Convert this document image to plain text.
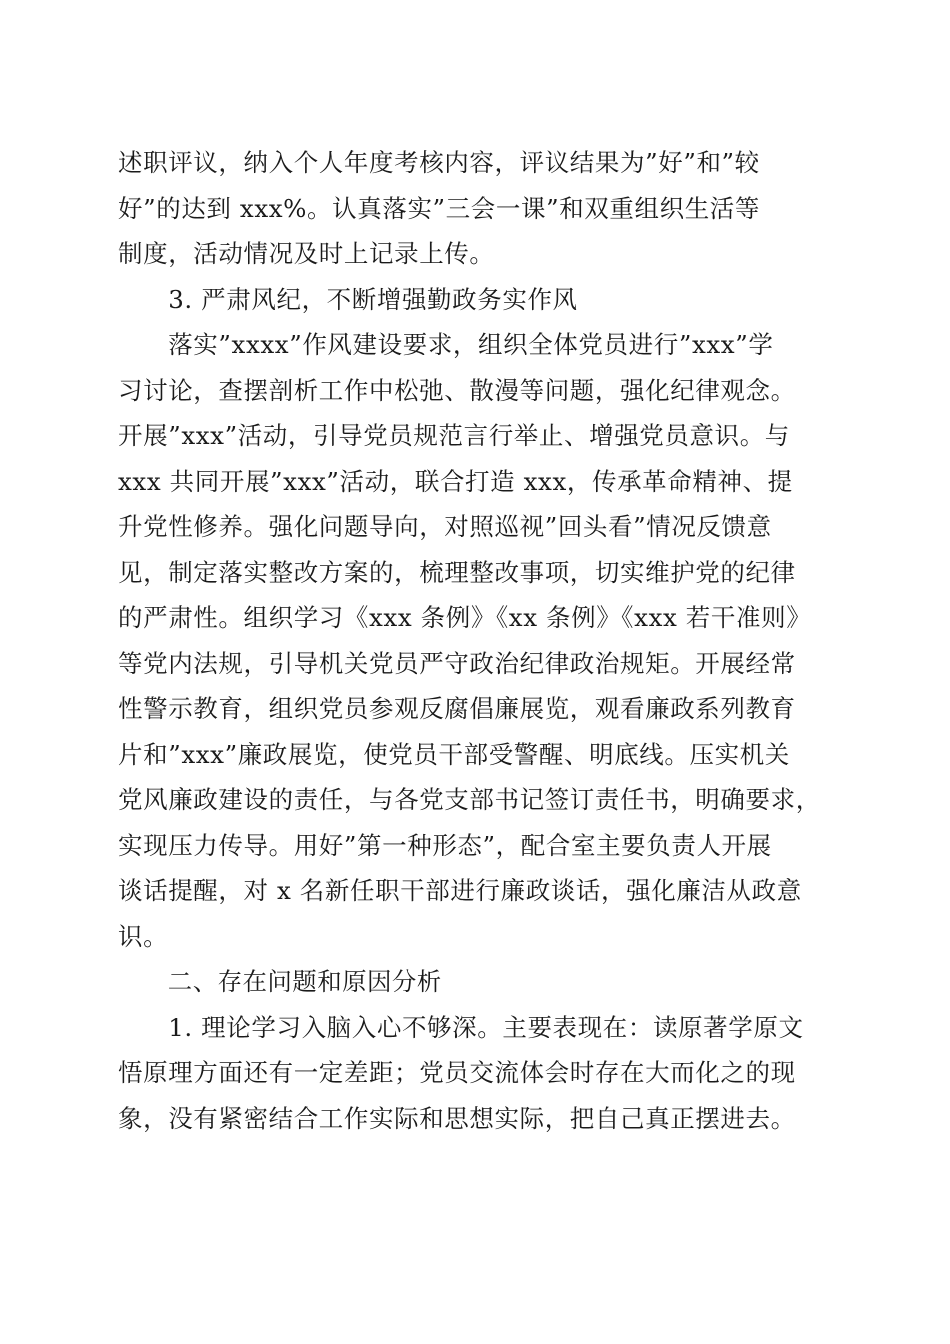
述职评议，纳入个人年度考核内容，评议结果为”好”和”较

好”的达到 xxx%。认真落实”三会一课”和双重组织生活等

制度，活动情况及时上记录上传。

　　3. 严肃风纪，不断增强勤政务实作风

　　落实”xxxx”作风建设要求，组织全体党员进行”xxx”学

习讨论，查摆剖析工作中松弛、散漫等问题，强化纪律观念。

开展”xxx”活动，引导党员规范言行举止、增强党员意识。与

xxx 共同开展”xxx”活动，联合打造 xxx，传承革命精神、提

升党性修养。强化问题导向，对照巡视”回头看”情况反馈意

见，制定落实整改方案的，梳理整改事项，切实维护党的纪律

的严肃性。组织学习《xxx 条例》《xx 条例》《xxx 若干准则》

等党内法规，引导机关党员严守政治纪律政治规矩。开展经常

性警示教育，组织党员参观反腐倡廉展览，观看廉政系列教育

片和”xxx”廉政展览，使党员干部受警醒、明底线。压实机关

党风廉政建设的责任，与各党支部书记签订责任书，明确要求，

实现压力传导。用好”第一种形态”，配合室主要负责人开展

谈话提醒，对 x 名新任职干部进行廉政谈话，强化廉洁从政意

识。

　　二、存在问题和原因分析

　　1. 理论学习入脑入心不够深。主要表现在：读原著学原文

悟原理方面还有一定差距；党员交流体会时存在大而化之的现

象，没有紧密结合工作实际和思想实际，把自己真正摆进去。
